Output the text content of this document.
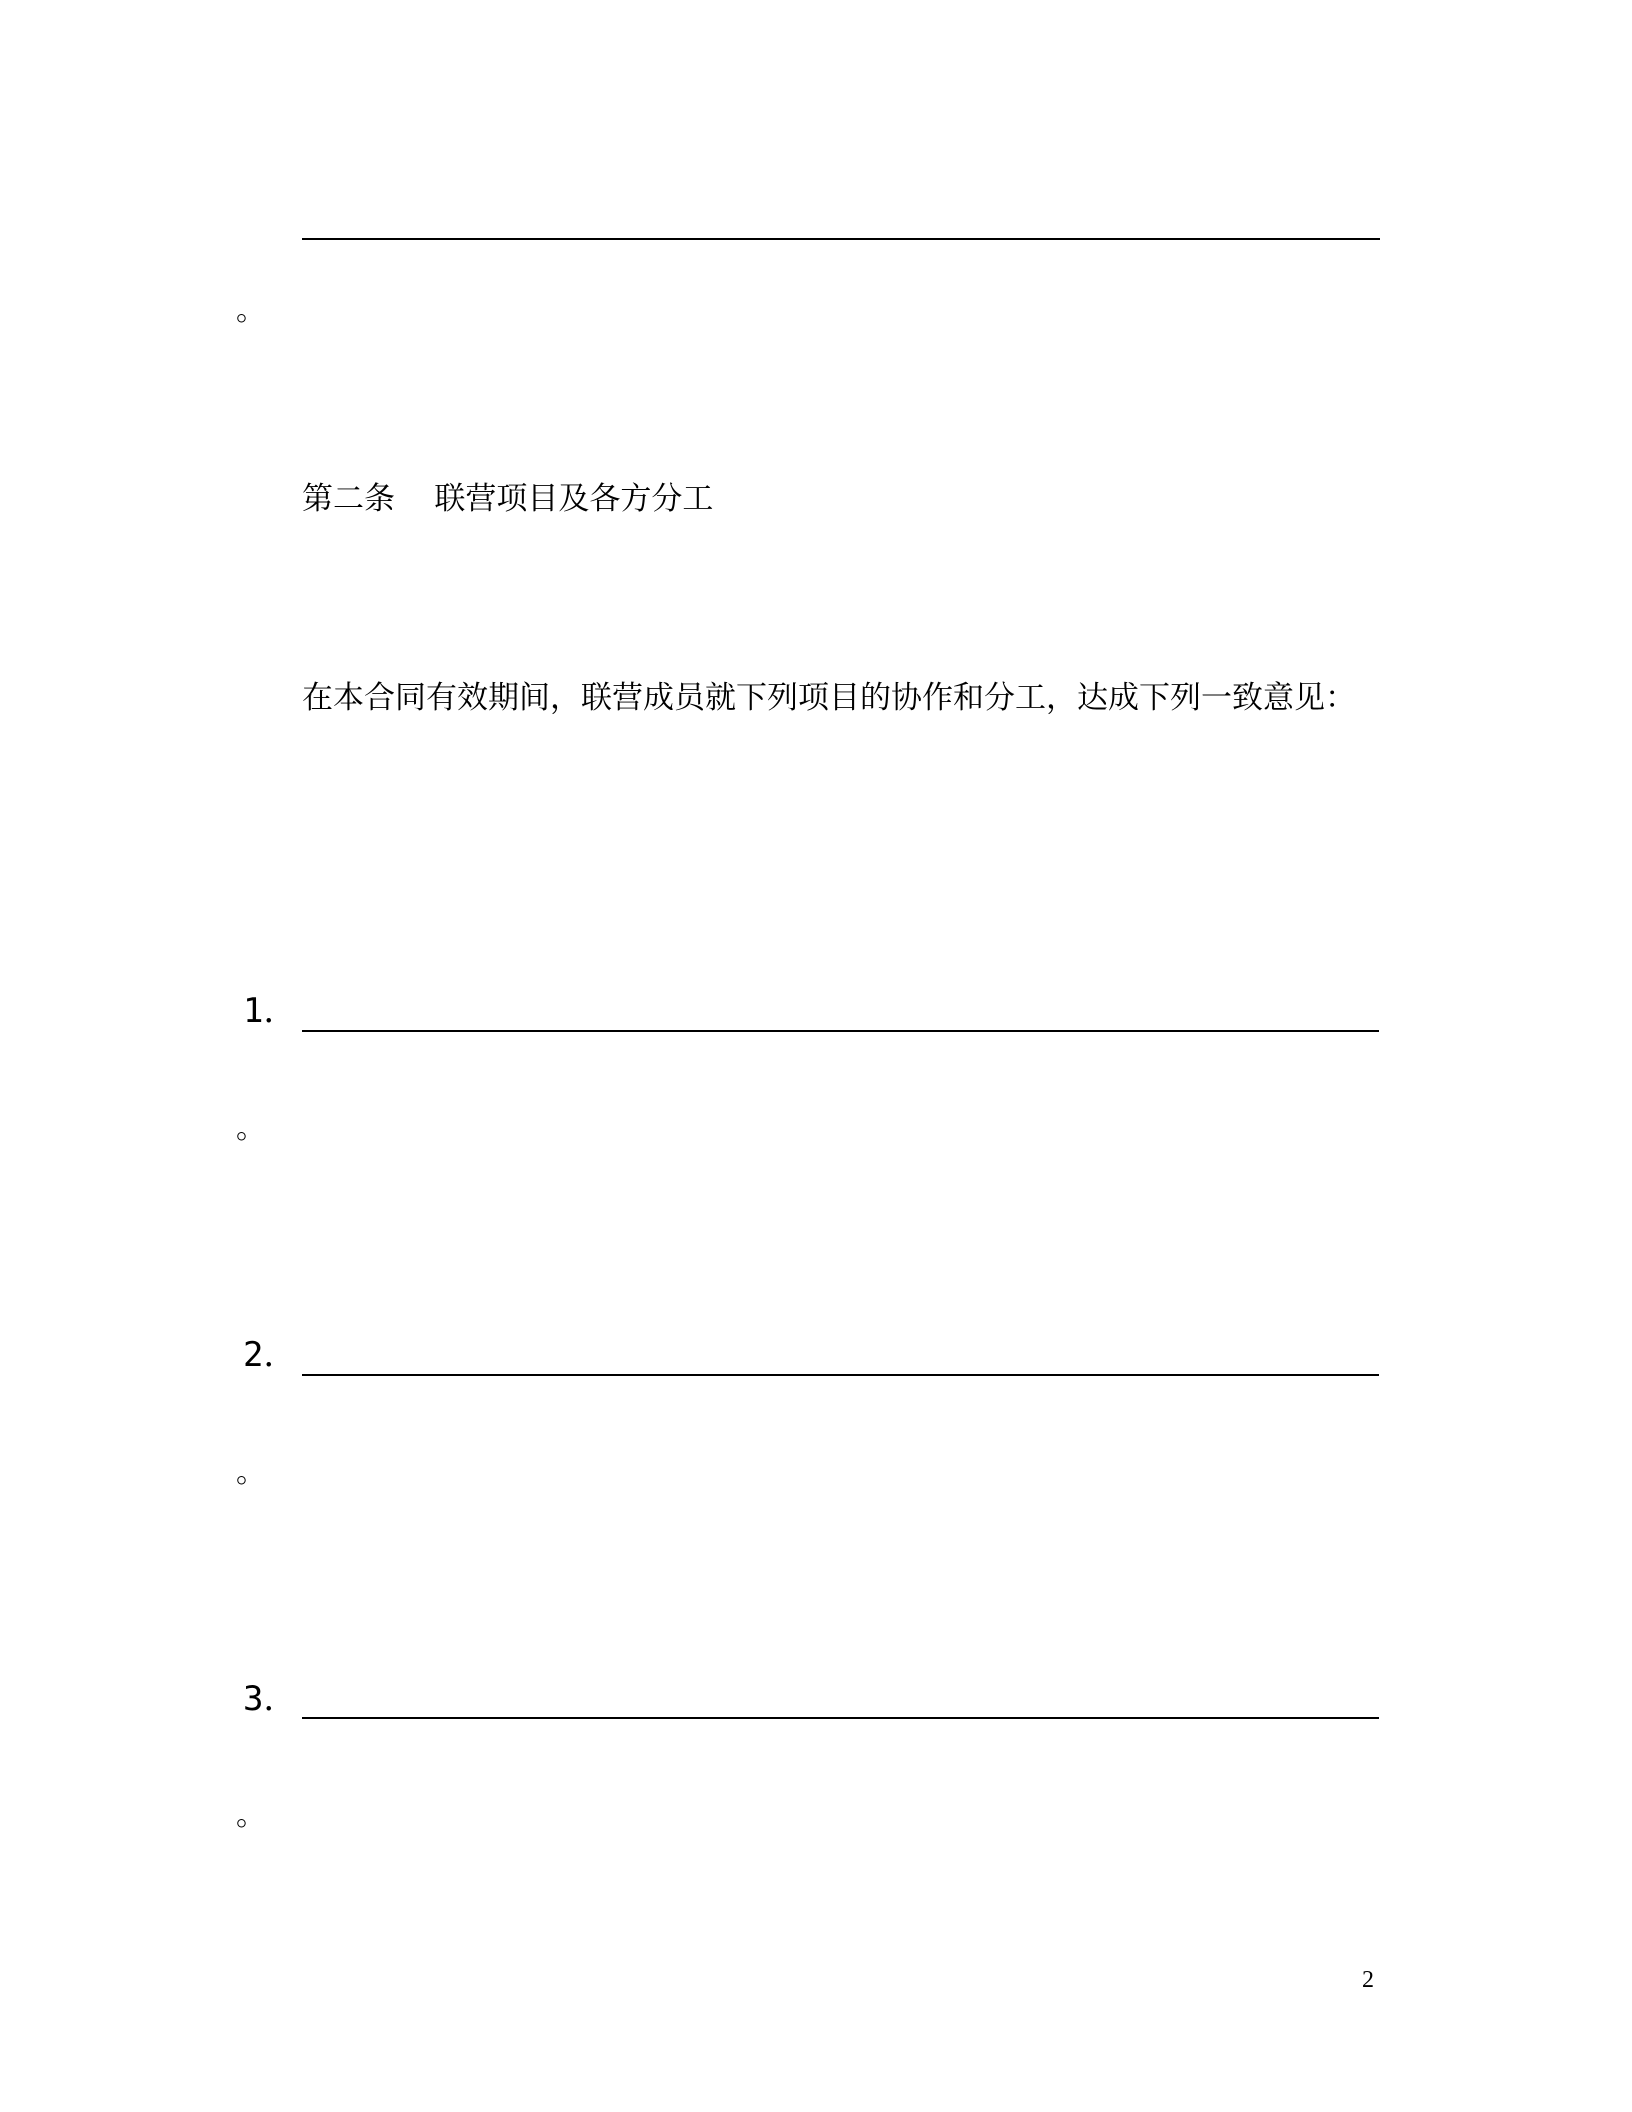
。
第二条    联营项目及各方分工
在本合同有效期间，联营成员就下列项目的协作和分工，达成下列一致意见：
1．
。
2．
。
3．
。
2
